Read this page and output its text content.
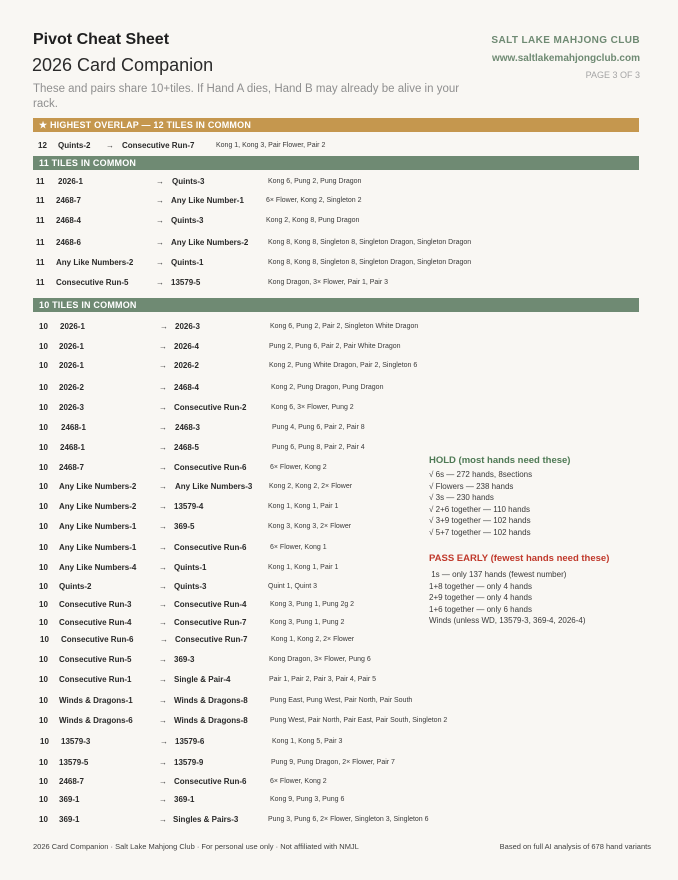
Pivot Cheat Sheet
2026 Card Companion
These and pairs share 10+tiles. If Hand A dies, Hand B may already be alive in your rack.
SALT LAKE MAHJONG CLUB
www.saltlakemahjongclub.com
PAGE 3 OF 3
★ HIGHEST OVERLAP — 12 TILES IN COMMON
11 TILES IN COMMON
10 TILES IN COMMON
12 Quints-2 → Consecutive Run-7	Kong 1, Kong 3, Pair Flower, Pair 2
11 2026-1	→ Quints-3	Kong 6, Pung 2, Pung Dragon
11 2468-7	→ Any Like Number-1	6× Flower, Kong 2, Singleton 2
11 2468-4	→ Quints-3	Kong 2, Kong 8, Pung Dragon
11 2468-6	→ Any Like Numbers-2	Kong 8, Kong 8, Singleton 8, Singleton Dragon, Singleton Dragon
11 Any Like Numbers-2	→ Quints-1	Kong 8, Kong 8, Singleton 8, Singleton Dragon, Singleton Dragon
11 Consecutive Run-5	→ 13579-5	Kong Dragon, 3× Flower, Pair 1, Pair 3
10 2026-1	→ 2026-3	Kong 6, Pung 2, Pair 2, Singleton White Dragon
10 2026-1	→ 2026-4	Pung 2, Pung 6, Pair 2, Pair White Dragon
10 2026-1	→ 2026-2	Kong 2, Pung White Dragon, Pair 2, Singleton 6
10 2026-2	→ 2468-4	Kong 2, Pung Dragon, Pung Dragon
10 2026-3	→ Consecutive Run-2	Kong 6, 3× Flower, Pung 2
10 2468-1	→ 2468-3	Pung 4, Pung 6, Pair 2, Pair 8
10 2468-1	→ 2468-5	Pung 6, Pung 8, Pair 2, Pair 4
10 2468-7	→ Consecutive Run-6	6× Flower, Kong 2
10 Any Like Numbers-2	→ Any Like Numbers-3 Kong 2, Kong 2, 2× Flower
10 Any Like Numbers-2	→ 13579-4	Kong 1, Kong 1, Pair 1
10 Any Like Numbers-1	→ 369-5	Kong 3, Kong 3, 2× Flower
10 Any Like Numbers-1	→ Consecutive Run-6	6× Flower, Kong 1
10 Any Like Numbers-4	→ Quints-1	Kong 1, Kong 1, Pair 1
10 Quints-2	→ Quints-3	Quint 1, Quint 3
10 Consecutive Run-3	→ Consecutive Run-4	Kong 3, Pung 1, Pung 2g 2
10 Consecutive Run-4	→ Consecutive Run-7	Kong 3, Pung 1, Pung 2
10 Consecutive Run-6	→ Consecutive Run-7	Kong 1, Kong 2, 2× Flower
10 Consecutive Run-5	→ 369-3	Kong Dragon, 3× Flower, Pung 6
10 Consecutive Run-1	→ Single & Pair-4	Pair 1, Pair 2, Pair 3, Pair 4, Pair 5
10 Winds & Dragons-1	→ Winds & Dragons-8	Pung East, Pung West, Pair North, Pair South
10 Winds & Dragons-6	→ Winds & Dragons-8	Pung West, Pair North, Pair East, Pair South, Singleton 2
10 13579-3	→ 13579-6	Kong 1, Kong 5, Pair 3
10 13579-5	→ 13579-9	Pung 9, Pung Dragon, 2× Flower, Pair 7
10 2468-7	→ Consecutive Run-6	6× Flower, Kong 2
10 369-1	→ 369-1	Kong 9, Pung 3, Pung 6
10 369-1	→ Singles & Pairs-3	Pung 3, Pung 6, 2× Flower, Singleton 3, Singleton 6
HOLD (most hands need these)
√ 6s — 272 hands, 8sections
√ Flowers — 238 hands
√ 3s — 230 hands
√ 2+6 together — 110 hands
√ 3+9 together — 102 hands
√ 5+7 together — 102 hands
PASS EARLY (fewest hands need these)
1s — only 137 hands (fewest number)
1+8 together — only 4 hands
2+9 together — only 4 hands
1+6 together — only 6 hands
Winds (unless WD, 13579-3, 369-4, 2026-4)
2026 Card Companion · Salt Lake Mahjong Club · For personal use only · Not affiliated with NMJL	Based on full AI analysis of 678 hand variants
